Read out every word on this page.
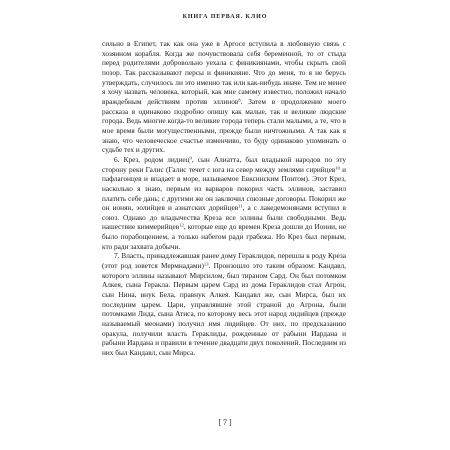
КНИГА ПЕРВАЯ. КЛИО

сильно в Египет, так как она уже в Аргосе вступила в любовную связь с хозяином корабля. Когда же почувствовала себя беременной, то от стыда перед родителями добровольно уехала с финикиянами, чтобы скрыть свой позор. Так рассказывают персы и финикияне. Что до меня, то я не берусь утверждать, случилось ли это именно так или как-нибудь иначе. Тем не менее я хочу назвать человека, который, как мне самому известно, положил начало враждебным действиям против эллинов$^8$. Затем в продолжение моего рассказа я одинаково подробно опишу как малые, так и великие людские города. Ведь многие когда-то великие города теперь стали малыми, а те, что в мое время были могущественными, прежде были ничтожными. А так как я знаю, что человеческое счастье изменчиво, то буду одинаково упоминать о судьбе тех и других.

6. Крез, родом лидиец$^9$, сын Алиатта, был владыкой народов по эту сторону реки Галис (Галис течет с юга на север между землями сирийцев$^{10}$ и пафлагонцев и впадает в море, называемое Евксинским Понтом). Этот Крез, насколько я знаю, первым из варваров покорил часть эллинов, заставил платить себе дань; с другими же он заключил союзные договоры. Покорил же он ионян, эолийцев и азиатских дорийцев$^{11}$, а с лакедемонянами вступил в союз. Однако до владычества Креза все эллины были свободными. Ведь нашествие киммерийцев$^{12}$, которые еще до времен Креза дошли до Ионии, не было порабощением, а только набегом ради грабежа. Но Крез был первым, кто ради захвата добычи.

7. Власть, принадлежавшая ранее дому Гераклидов, перешла к роду Креза (этот род зовется Мермнадами)$^{13}$. Произошло это таким образом: Кандавл, которого эллины называют Мирсилом, был тираном Сард. Он был потомком Алкея, сына Геракла. Первым царем Сард из дома Гераклидов стал Агрон, сын Нина, внук Бела, правнук Алкея. Кандавл же, сын Мирса, был их последним царем. Цари, управлявшие этой страной до Агрона, были потомками Лида, сына Атиса, по которому весь этот народ лидийцев (прежде называемый меонами) получил имя лидийцев. От них, по предсказанию оракула, получили власть Гераклиды, рожденные от рабыни Иардана и рабыни Иардана и правили в течение двадцати двух поколений. Последним из них был Кандавл, сын Мирса.

[ 7 ]
